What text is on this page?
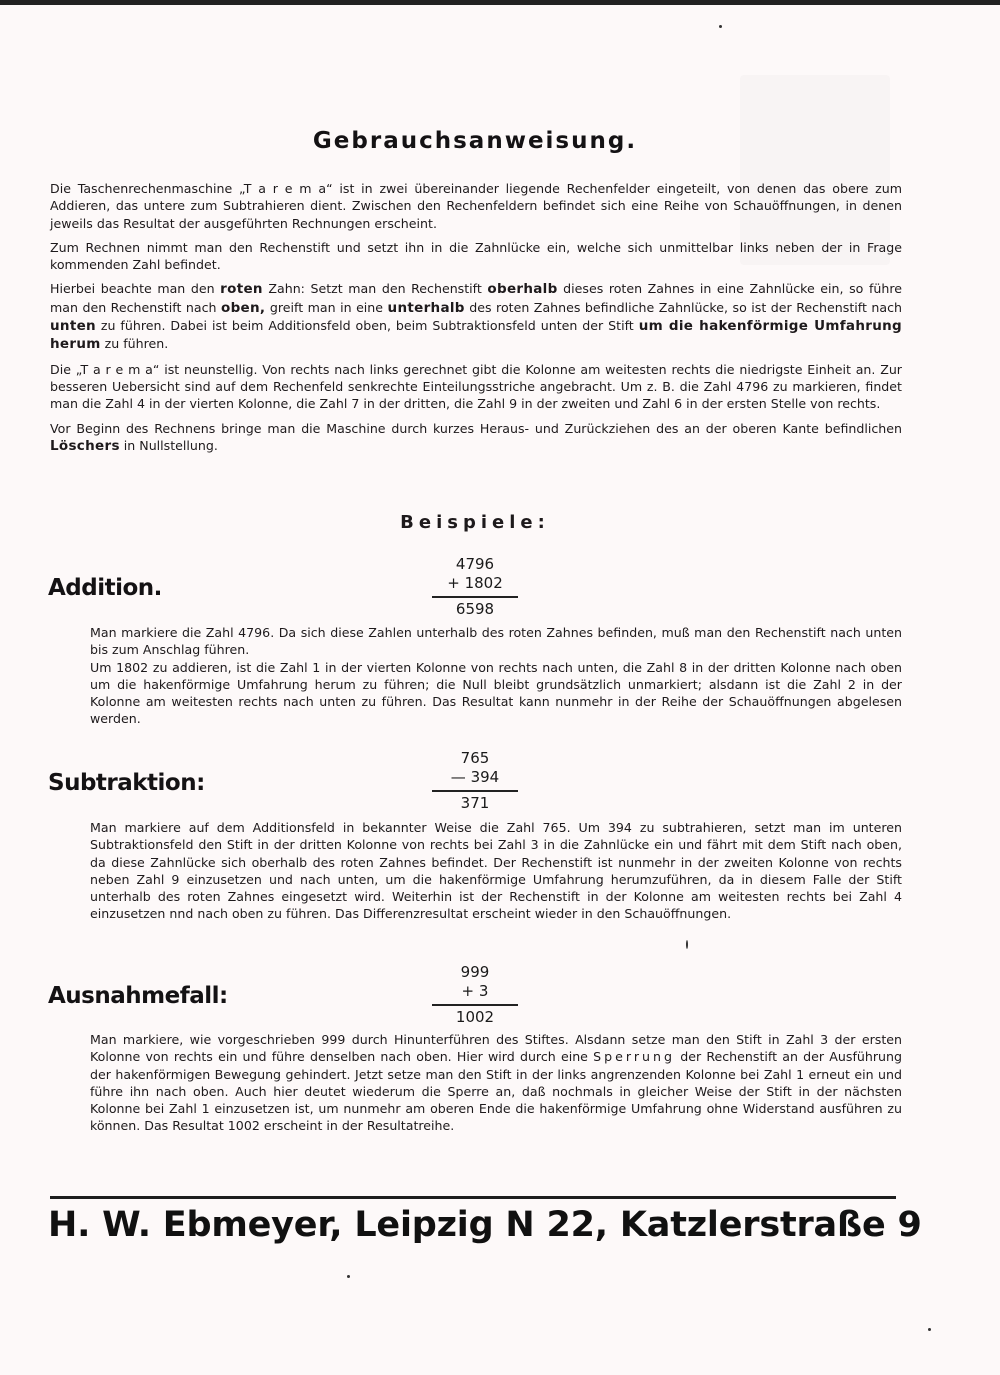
Gebrauchsanweisung.

Die Taschenrechenmaschine „T a r e m a“ ist in zwei übereinander liegende Rechenfelder eingeteilt, von denen das obere zum Addieren, das untere zum Subtrahieren dient. Zwischen den Rechenfeldern befindet sich eine Reihe von Schauöffnungen, in denen jeweils das Resultat der ausgeführten Rechnungen erscheint.

Zum Rechnen nimmt man den Rechenstift und setzt ihn in die Zahnlücke ein, welche sich unmittelbar links neben der in Frage kommenden Zahl befindet.

Hierbei beachte man den roten Zahn: Setzt man den Rechenstift oberhalb dieses roten Zahnes in eine Zahnlücke ein, so führe man den Rechenstift nach oben, greift man in eine unterhalb des roten Zahnes befindliche Zahnlücke, so ist der Rechenstift nach unten zu führen. Dabei ist beim Additionsfeld oben, beim Subtraktionsfeld unten der Stift um die hakenförmige Umfahrung herum zu führen.

Die „T a r e m a“ ist neunstellig. Von rechts nach links gerechnet gibt die Kolonne am weitesten rechts die niedrigste Einheit an. Zur besseren Uebersicht sind auf dem Rechenfeld senkrechte Einteilungsstriche angebracht. Um z. B. die Zahl 4796 zu markieren, findet man die Zahl 4 in der vierten Kolonne, die Zahl 7 in der dritten, die Zahl 9 in der zweiten und Zahl 6 in der ersten Stelle von rechts.

Vor Beginn des Rechnens bringe man die Maschine durch kurzes Heraus- und Zurückziehen des an der oberen Kante befindlichen Löschers in Nullstellung.

Beispiele:
Addition.
4796
+ 1802
6598

Man markiere die Zahl 4796. Da sich diese Zahlen unterhalb des roten Zahnes befinden, muß man den Rechenstift nach unten bis zum Anschlag führen.

Um 1802 zu addieren, ist die Zahl 1 in der vierten Kolonne von rechts nach unten, die Zahl 8 in der dritten Kolonne nach oben um die hakenförmige Umfahrung herum zu führen; die Null bleibt grundsätzlich unmarkiert; alsdann ist die Zahl 2 in der Kolonne am weitesten rechts nach unten zu führen. Das Resultat kann nunmehr in der Reihe der Schauöffnungen abgelesen werden.

Subtraktion:
765
— 394
371

Man markiere auf dem Additionsfeld in bekannter Weise die Zahl 765. Um 394 zu subtrahieren, setzt man im unteren Subtraktionsfeld den Stift in der dritten Kolonne von rechts bei Zahl 3 in die Zahnlücke ein und fährt mit dem Stift nach oben, da diese Zahnlücke sich oberhalb des roten Zahnes befindet. Der Rechenstift ist nunmehr in der zweiten Kolonne von rechts neben Zahl 9 einzusetzen und nach unten, um die hakenförmige Umfahrung herumzuführen, da in diesem Falle der Stift unterhalb des roten Zahnes eingesetzt wird. Weiterhin ist der Rechenstift in der Kolonne am weitesten rechts bei Zahl 4 einzusetzen nnd nach oben zu führen. Das Differenzresultat erscheint wieder in den Schauöffnungen.

Ausnahmefall:
999
+ 3
1002

Man markiere, wie vorgeschrieben 999 durch Hinunterführen des Stiftes. Alsdann setze man den Stift in Zahl 3 der ersten Kolonne von rechts ein und führe denselben nach oben. Hier wird durch eine Sperrung der Rechenstift an der Ausführung der hakenförmigen Bewegung gehindert. Jetzt setze man den Stift in der links angrenzenden Kolonne bei Zahl 1 erneut ein und führe ihn nach oben. Auch hier deutet wiederum die Sperre an, daß nochmals in gleicher Weise der Stift in der nächsten Kolonne bei Zahl 1 einzusetzen ist, um nunmehr am oberen Ende die hakenförmige Umfahrung ohne Widerstand ausführen zu können. Das Resultat 1002 erscheint in der Resultatreihe.

H. W. Ebmeyer, Leipzig N 22, Katzlerstraße 9
